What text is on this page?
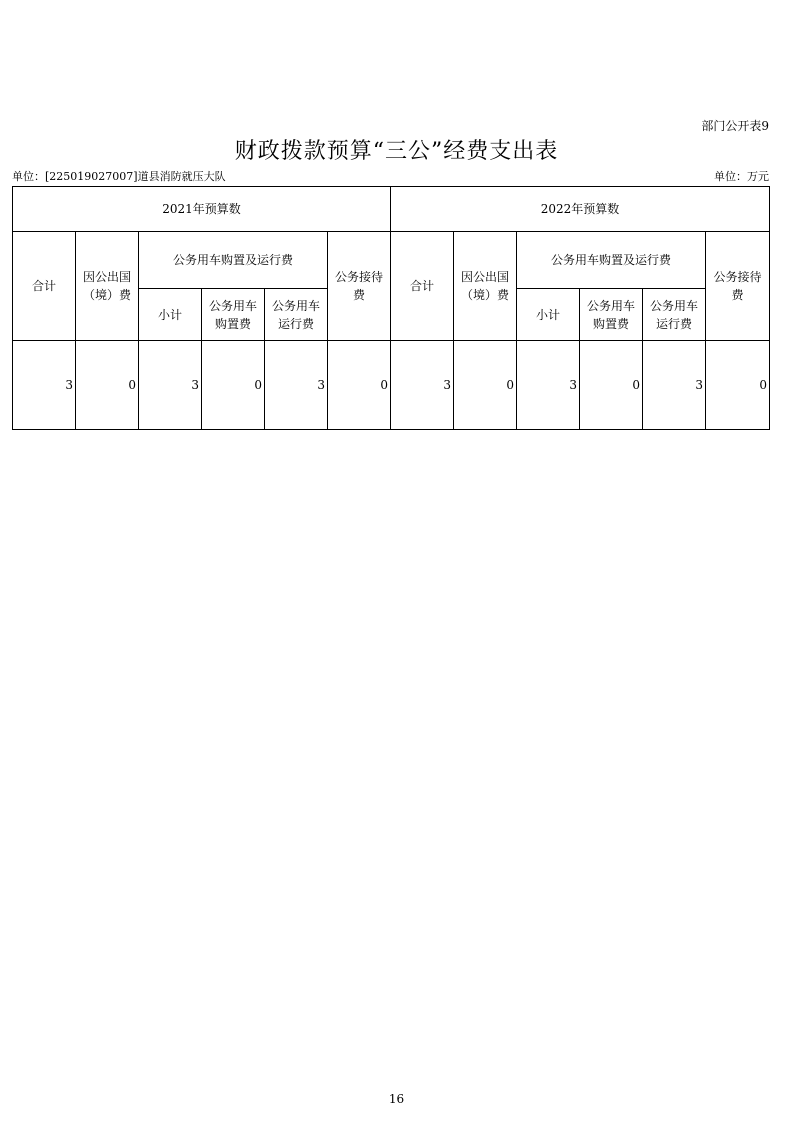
部门公开表9
财政拨款预算“三公”经费支出表
单位：[225019027007]道县消防就压大队	单位：万元
2021年预算数						2022年预算数					
合计	因公出国（境）费	公务用车购置及运行费			公务接待费	合计	因公出国（境）费	公务用车购置及运行费			公务接待费
		小计	公务用车购置费	公务用车运行费				小计	公务用车购置费	公务用车运行费	
3	0	3	0	3	0	3	0	3	0	3	0
16
